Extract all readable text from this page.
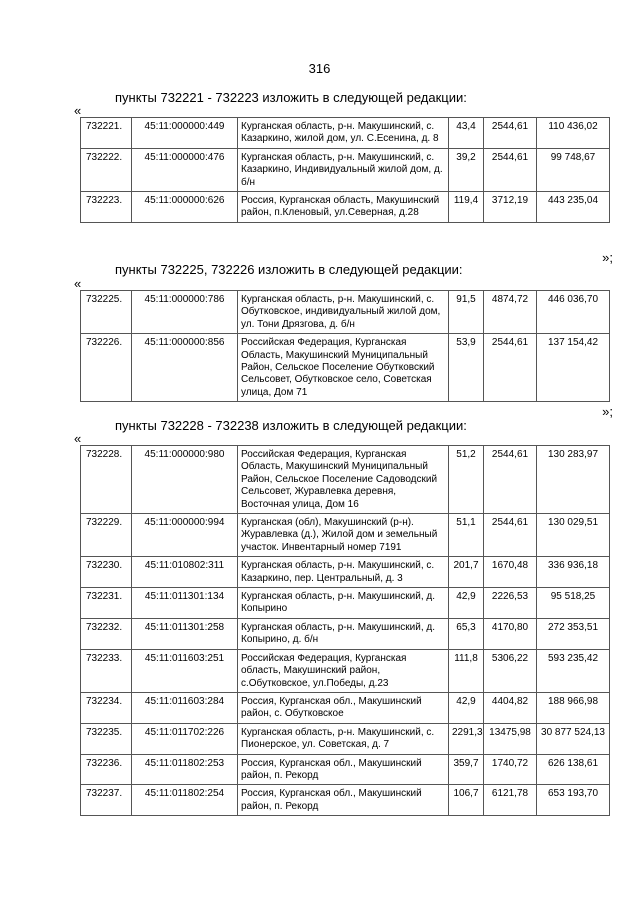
316
пункты 732221 - 732223 изложить в следующей редакции:
«
732221.	45:11:000000:449	Курганская область, р-н. Макушинский, с. Казаркино, жилой дом, ул. С.Есенина, д. 8	43,4	2544,61	110 436,02
732222.	45:11:000000:476	Курганская область, р-н. Макушинский, с. Казаркино, Индивидуальный жилой дом, д. б/н	39,2	2544,61	99 748,67
732223.	45:11:000000:626	Россия, Курганская область, Макушинский район, п.Кленовый, ул.Северная, д.28	119,4	3712,19	443 235,04
»;
пункты 732225, 732226 изложить в следующей редакции:
«
732225.	45:11:000000:786	Курганская область, р-н. Макушинский, с. Обутковское, индивидуальный жилой дом, ул. Тони Дрязгова, д. б/н	91,5	4874,72	446 036,70
732226.	45:11:000000:856	Российская Федерация, Курганская Область, Макушинский Муниципальный Район, Сельское Поселение Обутковский Сельсовет, Обутковское село, Советская улица, Дом 71	53,9	2544,61	137 154,42
»;
пункты 732228 - 732238 изложить в следующей редакции:
«
732228.	45:11:000000:980	Российская Федерация, Курганская Область, Макушинский Муниципальный Район, Сельское Поселение Садоводский Сельсовет, Журавлевка деревня, Восточная улица, Дом 16	51,2	2544,61	130 283,97
732229.	45:11:000000:994	Курганская (обл), Макушинский (р-н). Журавлевка (д.), Жилой дом и земельный участок. Инвентарный номер 7191	51,1	2544,61	130 029,51
732230.	45:11:010802:311	Курганская область, р-н. Макушинский, с. Казаркино, пер. Центральный, д. 3	201,7	1670,48	336 936,18
732231.	45:11:011301:134	Курганская область, р-н. Макушинский, д. Копырино	42,9	2226,53	95 518,25
732232.	45:11:011301:258	Курганская область, р-н. Макушинский, д. Копырино, д. б/н	65,3	4170,80	272 353,51
732233.	45:11:011603:251	Российская Федерация, Курганская область, Макушинский район, с.Обутковское, ул.Победы, д.23	111,8	5306,22	593 235,42
732234.	45:11:011603:284	Россия, Курганская обл., Макушинский район, с. Обутковское	42,9	4404,82	188 966,98
732235.	45:11:011702:226	Курганская область, р-н. Макушинский, с. Пионерское, ул. Советская, д. 7	2291,3	13475,98	30 877 524,13
732236.	45:11:011802:253	Россия, Курганская обл., Макушинский район, п. Рекорд	359,7	1740,72	626 138,61
732237.	45:11:011802:254	Россия, Курганская обл., Макушинский район, п. Рекорд	106,7	6121,78	653 193,70
